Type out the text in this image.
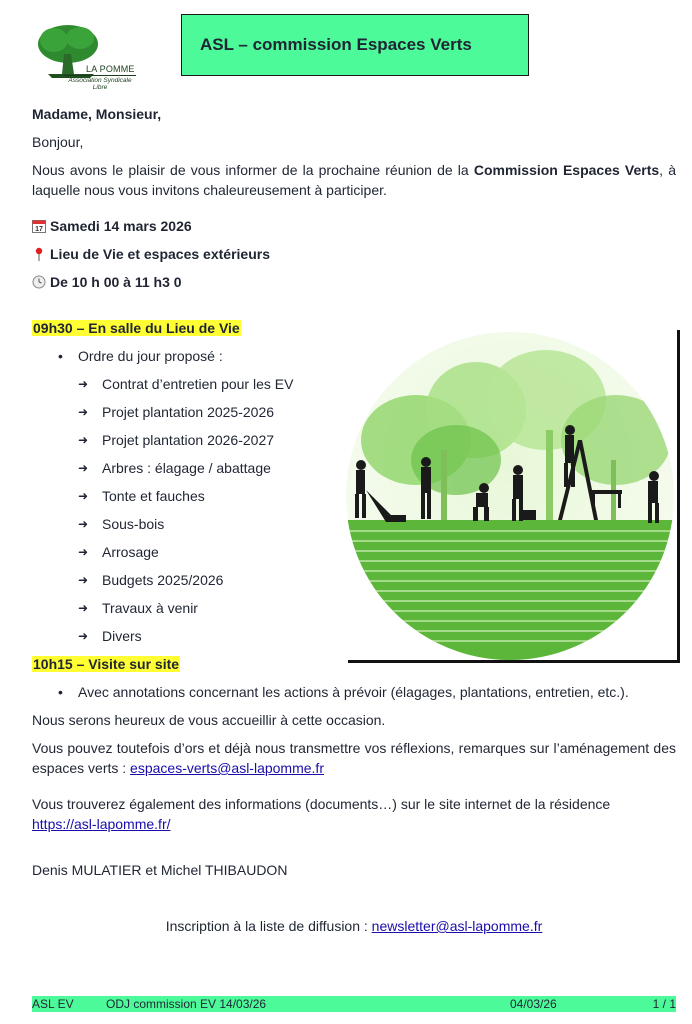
LA POMME
Association Syndicale Libre
ASL – commission Espaces Verts
Madame, Monsieur,
Bonjour,
Nous avons le plaisir de vous informer de la prochaine réunion de la Commission Espaces Verts, à laquelle nous vous invitons chaleureusement à participer.
17 Samedi 14 mars 2026
Lieu de Vie et espaces extérieurs
De 10 h 00 à 11 h3 0
09h30 – En salle du Lieu de Vie
• Ordre du jour proposé :
➜ Contrat d’entretien pour les EV
➜ Projet plantation 2025-2026
➜ Projet plantation 2026-2027
➜ Arbres : élagage / abattage
➜ Tonte et fauches
➜ Sous-bois
➜ Arrosage
➜ Budgets 2025/2026
➜ Travaux à venir
➜ Divers
10h15 – Visite sur site
• Avec annotations concernant les actions à prévoir (élagages, plantations, entretien, etc.).
Nous serons heureux de vous accueillir à cette occasion.
Vous pouvez toutefois d’ors et déjà nous transmettre vos réflexions, remarques sur l’aménagement des espaces verts : espaces-verts@asl-lapomme.fr
Vous trouverez également des informations (documents…) sur le site internet de la résidence
https://asl-lapomme.fr/
Denis MULATIER et Michel THIBAUDON
Inscription à la liste de diffusion : newsletter@asl-lapomme.fr
ASL EV	ODJ commission EV 14/03/26	04/03/26	1 / 1
